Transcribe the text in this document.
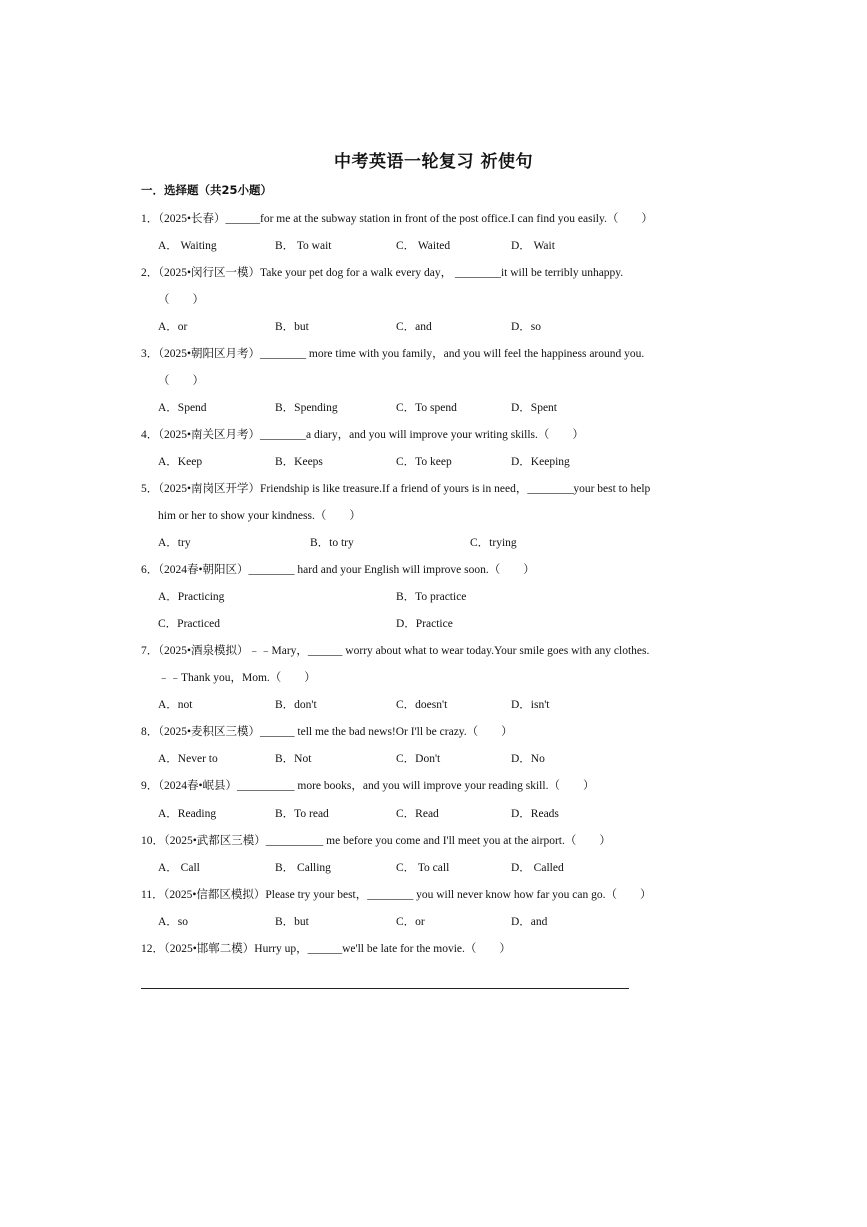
中考英语一轮复习 祈使句
一．选择题（共25小题）
1．（2025•长春）______for me at the subway station in front of the post office.I can find you easily.（　　）
A． Waiting	B． To wait	C． Waited	D． Wait
2．（2025•闵行区一模）Take your pet dog for a walk every day， ________it will be terribly unhappy.
（　　）
A．or	B．but	C．and	D．so
3．（2025•朝阳区月考）________ more time with you family，and you will feel the happiness around you.
（　　）
A．Spend	B．Spending	C．To spend	D．Spent
4．（2025•南关区月考）________a diary，and you will improve your writing skills.（　　）
A．Keep	B．Keeps	C．To keep	D．Keeping
5．（2025•南岗区开学）Friendship is like treasure.If a friend of yours is in need，________your best to help
him or her to show your kindness.（　　）
A．try	B．to try	C．trying
6．（2024春•朝阳区）________ hard and your English will improve soon.（　　）
A．Practicing	B．To practice
C．Practiced	D．Practice
7．（2025•酒泉模拟）﹣﹣Mary，______ worry about what to wear today.Your smile goes with any clothes.
﹣﹣Thank you，Mom.（　　）
A．not	B．don't	C．doesn't	D．isn't
8．（2025•麦积区三模）______ tell me the bad news!Or I'll be crazy.（　　）
A．Never to	B．Not	C．Don't	D．No
9．（2024春•岷县）__________ more books，and you will improve your reading skill.（　　）
A．Reading	B．To read	C．Read	D．Reads
10．（2025•武都区三模）__________ me before you come and I'll meet you at the airport.（　　）
A． Call	B． Calling	C． To call	D． Called
11．（2025•信都区模拟）Please try your best，________ you will never know how far you can go.（　　）
A．so	B．but	C．or	D．and
12．（2025•邯郸二模）Hurry up，______we'll be late for the movie.（　　）
